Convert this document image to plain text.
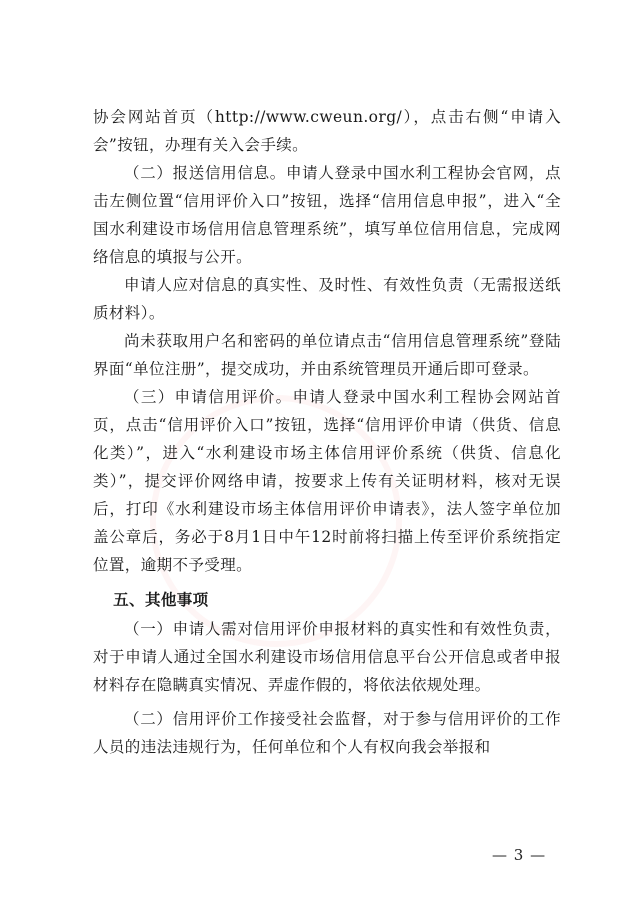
协会网站首页（http://www.cweun.org/），点击右侧“申请入会”按钮，办理有关入会手续。

（二）报送信用信息。申请人登录中国水利工程协会官网，点击左侧位置“信用评价入口”按钮，选择“信用信息申报”，进入“全国水利建设市场信用信息管理系统”，填写单位信用信息，完成网络信息的填报与公开。

申请人应对信息的真实性、及时性、有效性负责（无需报送纸质材料）。

尚未获取用户名和密码的单位请点击“信用信息管理系统”登陆界面“单位注册”，提交成功，并由系统管理员开通后即可登录。

（三）申请信用评价。申请人登录中国水利工程协会网站首页，点击“信用评价入口”按钮，选择“信用评价申请（供货、信息化类）”，进入“水利建设市场主体信用评价系统（供货、信息化类）”，提交评价网络申请，按要求上传有关证明材料，核对无误后，打印《水利建设市场主体信用评价申请表》，法人签字单位加盖公章后，务必于8月1日中午12时前将扫描上传至评价系统指定位置，逾期不予受理。

五、其他事项

（一）申请人需对信用评价申报材料的真实性和有效性负责，对于申请人通过全国水利建设市场信用信息平台公开信息或者申报材料存在隐瞒真实情况、弄虚作假的，将依法依规处理。

（二）信用评价工作接受社会监督，对于参与信用评价的工作人员的违法违规行为，任何单位和个人有权向我会举报和

— 3 —
